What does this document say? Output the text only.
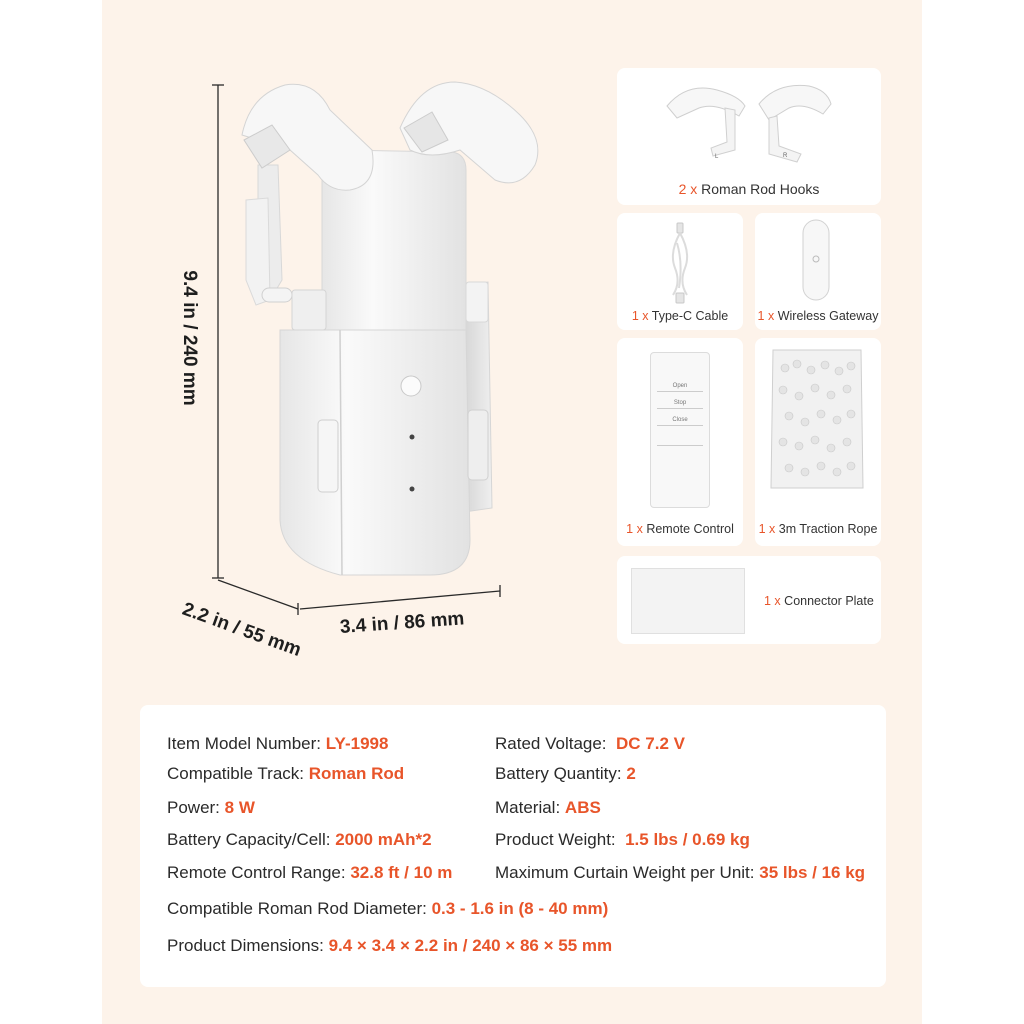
9.4 in / 240 mm
2.2 in / 55 mm 3.4 in / 86 mm
L	R
2 x Roman Rod Hooks
1 x Type-C Cable	1 x Wireless Gateway
Open
Stop
Close
1 x Remote Control	1 x 3m Traction Rope
1 x Connector Plate
Item Model Number: LY-1998	Rated Voltage: DC 7.2 V
Compatible Track: Roman Rod	Battery Quantity: 2
Power: 8 W	Material: ABS
Battery Capacity/Cell: 2000 mAh*2	Product Weight: 1.5 lbs / 0.69 kg
Remote Control Range: 32.8 ft / 10 m	Maximum Curtain Weight per Unit: 35 lbs / 16 kg
Compatible Roman Rod Diameter: 0.3 - 1.6 in (8 - 40 mm)
Product Dimensions: 9.4 × 3.4 × 2.2 in / 240 × 86 × 55 mm
